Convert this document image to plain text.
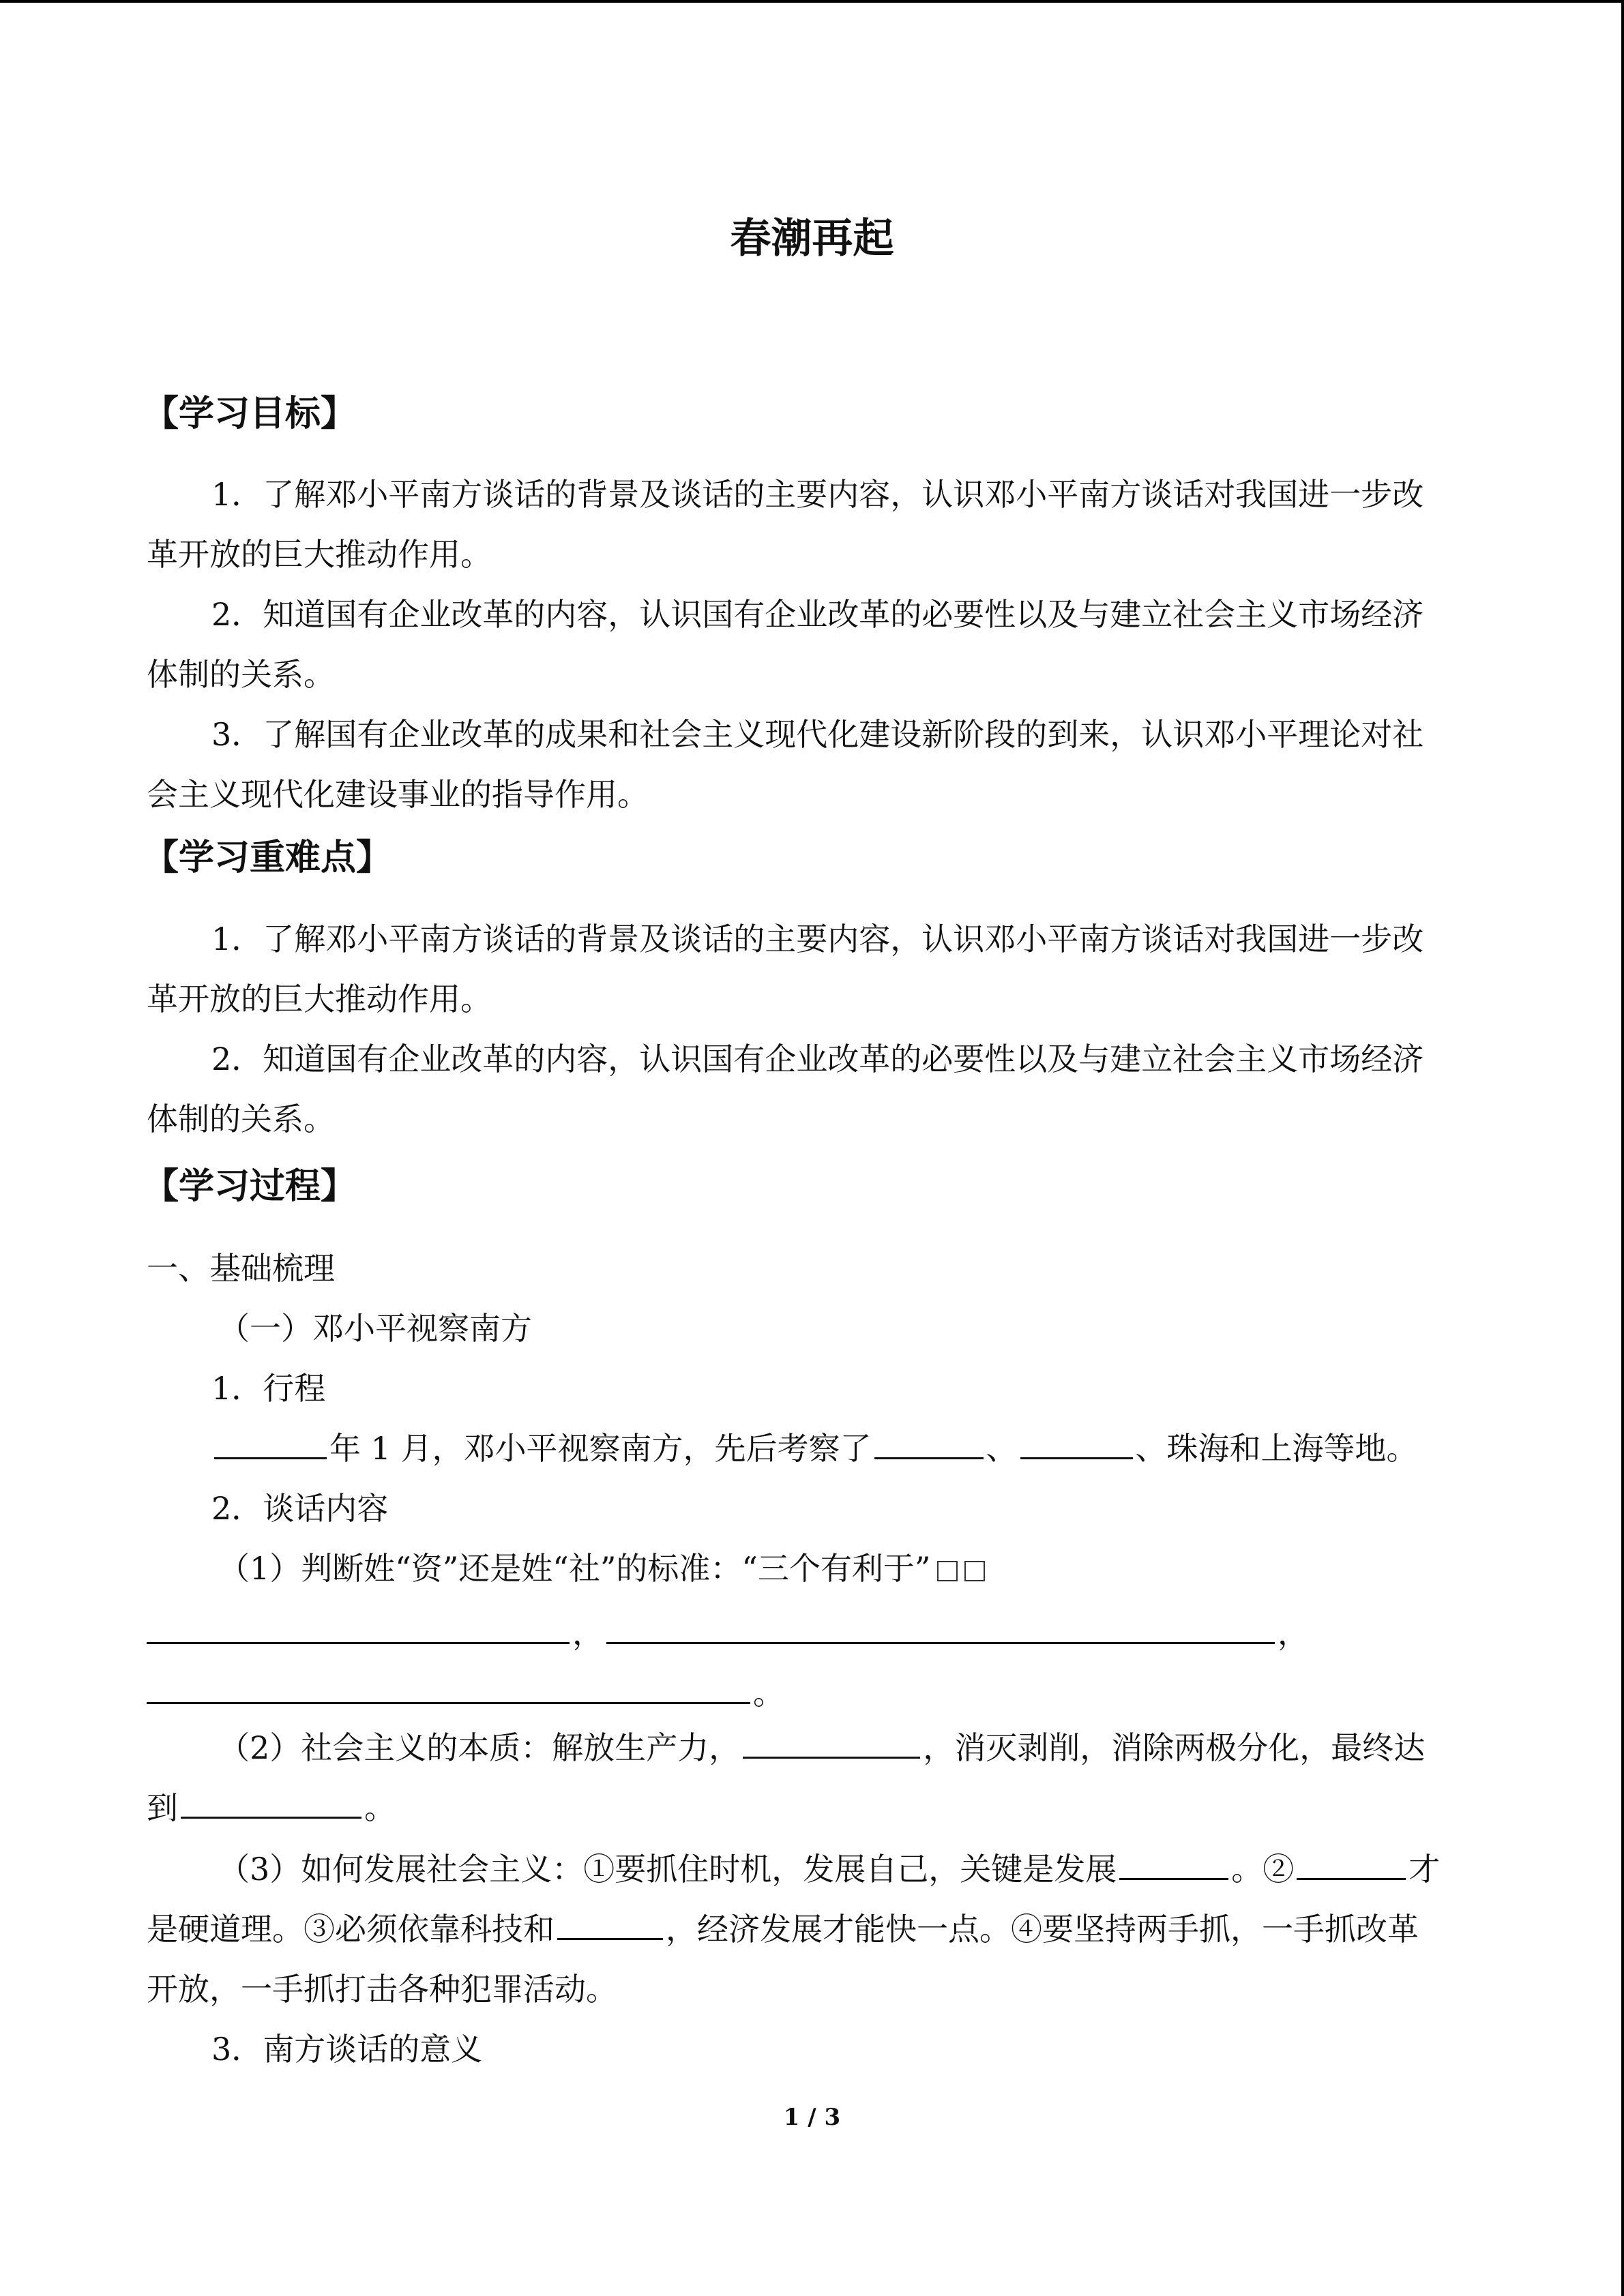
春潮再起
【学习目标】
1．了解邓小平南方谈话的背景及谈话的主要内容，认识邓小平南方谈话对我国进一步改
革开放的巨大推动作用。
2．知道国有企业改革的内容，认识国有企业改革的必要性以及与建立社会主义市场经济
体制的关系。
3．了解国有企业改革的成果和社会主义现代化建设新阶段的到来，认识邓小平理论对社
会主义现代化建设事业的指导作用。
【学习重难点】
1．了解邓小平南方谈话的背景及谈话的主要内容，认识邓小平南方谈话对我国进一步改
革开放的巨大推动作用。
2．知道国有企业改革的内容，认识国有企业改革的必要性以及与建立社会主义市场经济
体制的关系。
【学习过程】
一、基础梳理
（一）邓小平视察南方
1．行程
年 1 月，邓小平视察南方，先后考察了	、	、珠海和上海等地。
2．谈话内容
（1）判断姓“资”还是姓“社”的标准：“三个有利于”
，	，
。
（2）社会主义的本质：解放生产力，	，消灭剥削，消除两极分化，最终达
到	。
（3）如何发展社会主义：①要抓住时机，发展自己，关键是发展	。②	才
是硬道理。③必须依靠科技和	，经济发展才能快一点。④要坚持两手抓，一手抓改革
开放，一手抓打击各种犯罪活动。
3．南方谈话的意义
1 / 3
